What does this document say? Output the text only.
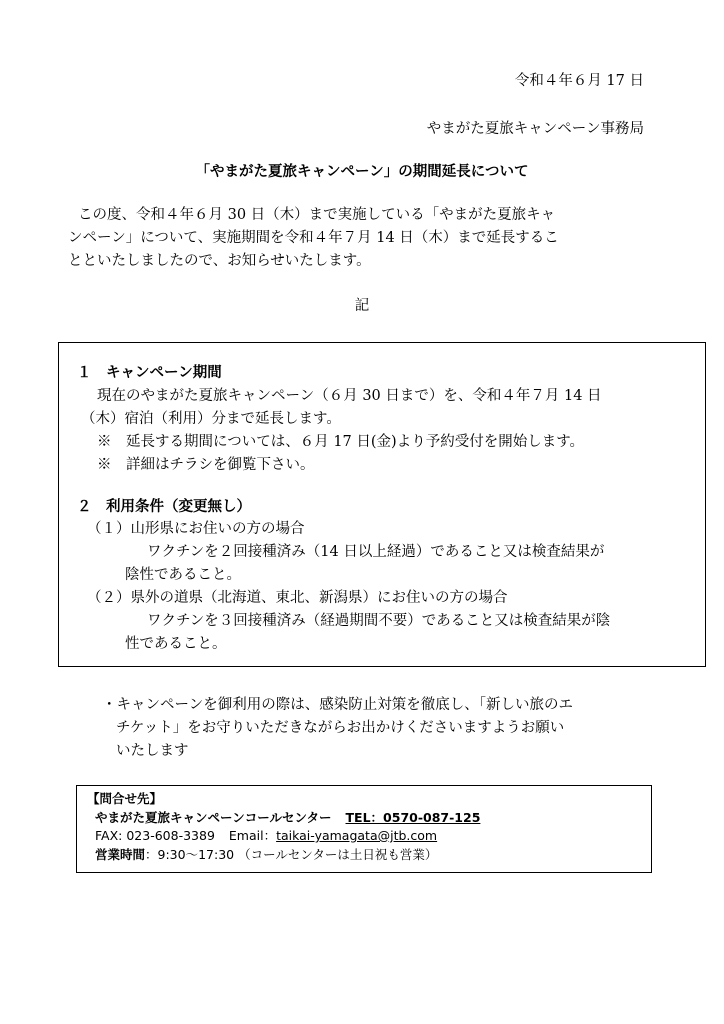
令和４年６月 17 日
やまがた夏旅キャンペーン事務局
「やまがた夏旅キャンペーン」の期間延長について
この度、令和４年６月 30 日（木）まで実施している「やまがた夏旅キャ
ンペーン」について、実施期間を令和４年７月 14 日（木）まで延長するこ
とといたしましたので、お知らせいたします。
記
１　キャンペーン期間
現在のやまがた夏旅キャンペーン（６月 30 日まで）を、令和４年７月 14 日
（木）宿泊（利用）分まで延長します。
※　延長する期間については、６月 17 日(金)より予約受付を開始します。
※　詳細はチラシを御覧下さい。
２　利用条件（変更無し）
（１）山形県にお住いの方の場合
ワクチンを２回接種済み（14 日以上経過）であること又は検査結果が
陰性であること。
（２）県外の道県（北海道、東北、新潟県）にお住いの方の場合
ワクチンを３回接種済み（経過期間不要）であること又は検査結果が陰
性であること。
・キャンペーンを御利用の際は、感染防止対策を徹底し、「新しい旅のエ
チケット」をお守りいただきながらお出かけくださいますようお願い
いたします
【問合せ先】
やまがた夏旅キャンペーンコールセンター TEL：0570-087-125
FAX: 023-608-3389 Email：taikai-yamagata@jtb.com
営業時間：9:30～17:30 （コールセンターは土日祝も営業）
